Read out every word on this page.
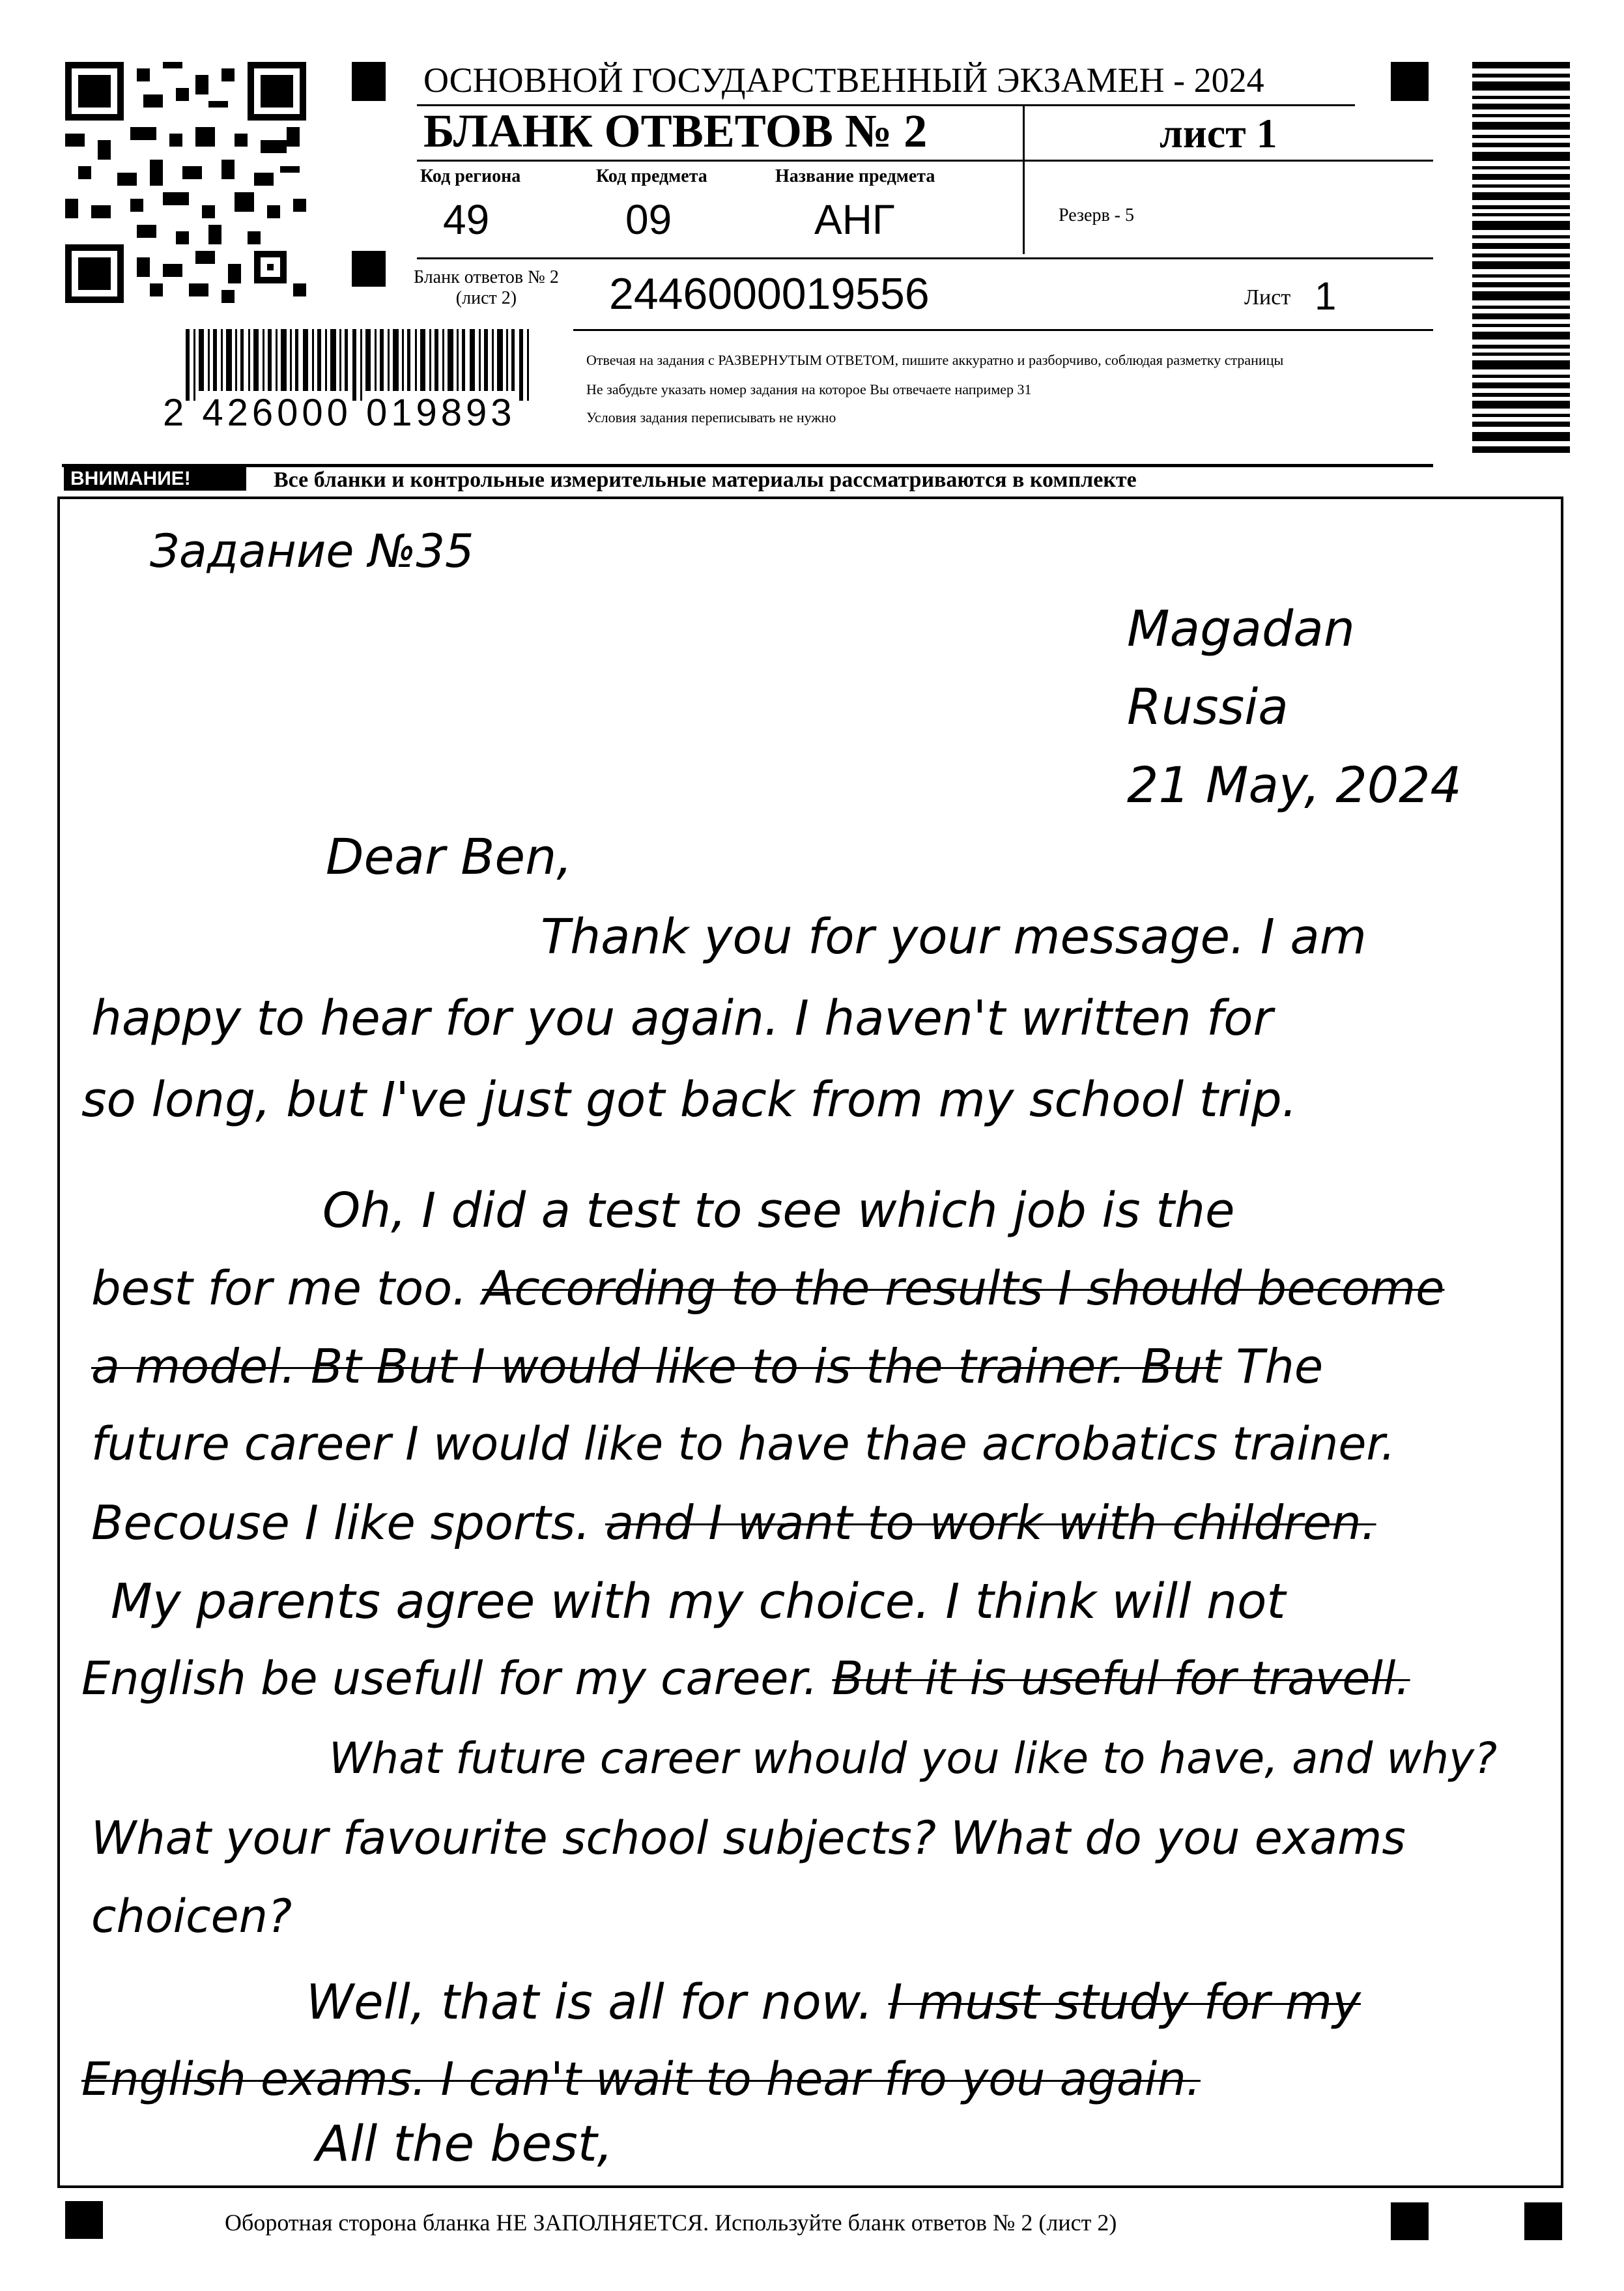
2 426000 019893
ОСНОВНОЙ ГОСУДАРСТВЕННЫЙ ЭКЗАМЕН - 2024
БЛАНК ОТВЕТОВ № 2	лист 1
Код региона
49
Код предмета
09
Название предмета
АНГ	Резерв - 5
Бланк ответов № 2
(лист 2)	2446000019556	Лист 1
Отвечая на задания с РАЗВЕРНУТЫМ ОТВЕТОМ, пишите аккуратно и разборчиво, соблюдая разметку страницы
Не забудьте указать номер задания на которое Вы отвечаете например 31
Условия задания переписывать не нужно
ВНИМАНИЕ!	Все бланки и контрольные измерительные материалы рассматриваются в комплекте
Задание №35
Magadan
Russia
21 May, 2024
Dear Ben,
Thank you for your message. I am
happy to hear for you again. I haven't written for
so long, but I've just got back from my school trip.
Oh, I did a test to see which job is the
best for me too. According to the results I should become
a model. Bt But I would like to is the trainer. But The
future career I would like to have thae acrobatics trainer.
Becouse I like sports. and I want to work with children.
My parents agree with my choice. I think will not
English be usefull for my career. But it is useful for travell.
What future career whould you like to have, and why?
What your favourite school subjects? What do you exams
choicen?
Well, that is all for now. I must study for my
English exams. I can't wait to hear fro you again.
All the best,
Оборотная сторона бланка НЕ ЗАПОЛНЯЕТСЯ. Используйте бланк ответов № 2 (лист 2)
